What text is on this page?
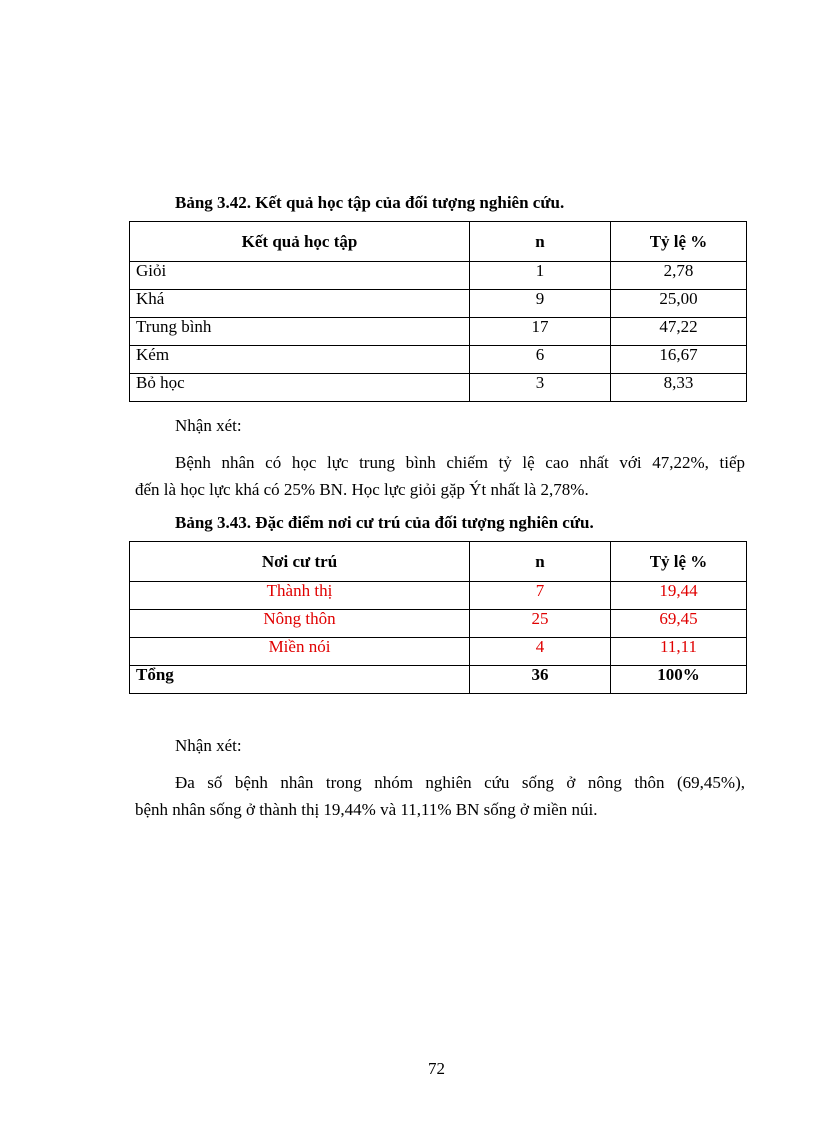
Bảng 3.42. Kết quả học tập của đối tượng nghiên cứu.
Kết quả học tập	n	Tỷ lệ %
Giỏi	1	2,78
Khá	9	25,00
Trung bình	17	47,22
Kém	6	16,67
Bỏ học	3	8,33
Nhận xét:
Bệnh nhân có học lực trung bình chiếm tỷ lệ cao nhất với 47,22%, tiếp
đến là học lực khá có 25% BN. Học lực giỏi gặp Ýt nhất là 2,78%.
Bảng 3.43. Đặc điểm nơi cư trú của đối tượng nghiên cứu.
Nơi cư trú	n	Tỷ lệ %
Thành thị	7	19,44
Nông thôn	25	69,45
Miền nói	4	11,11
Tổng	36	100%
Nhận xét:
Đa số bệnh nhân trong nhóm nghiên cứu sống ở nông thôn (69,45%),
bệnh nhân sống ở thành thị 19,44% và 11,11% BN sống ở miền núi.
72
